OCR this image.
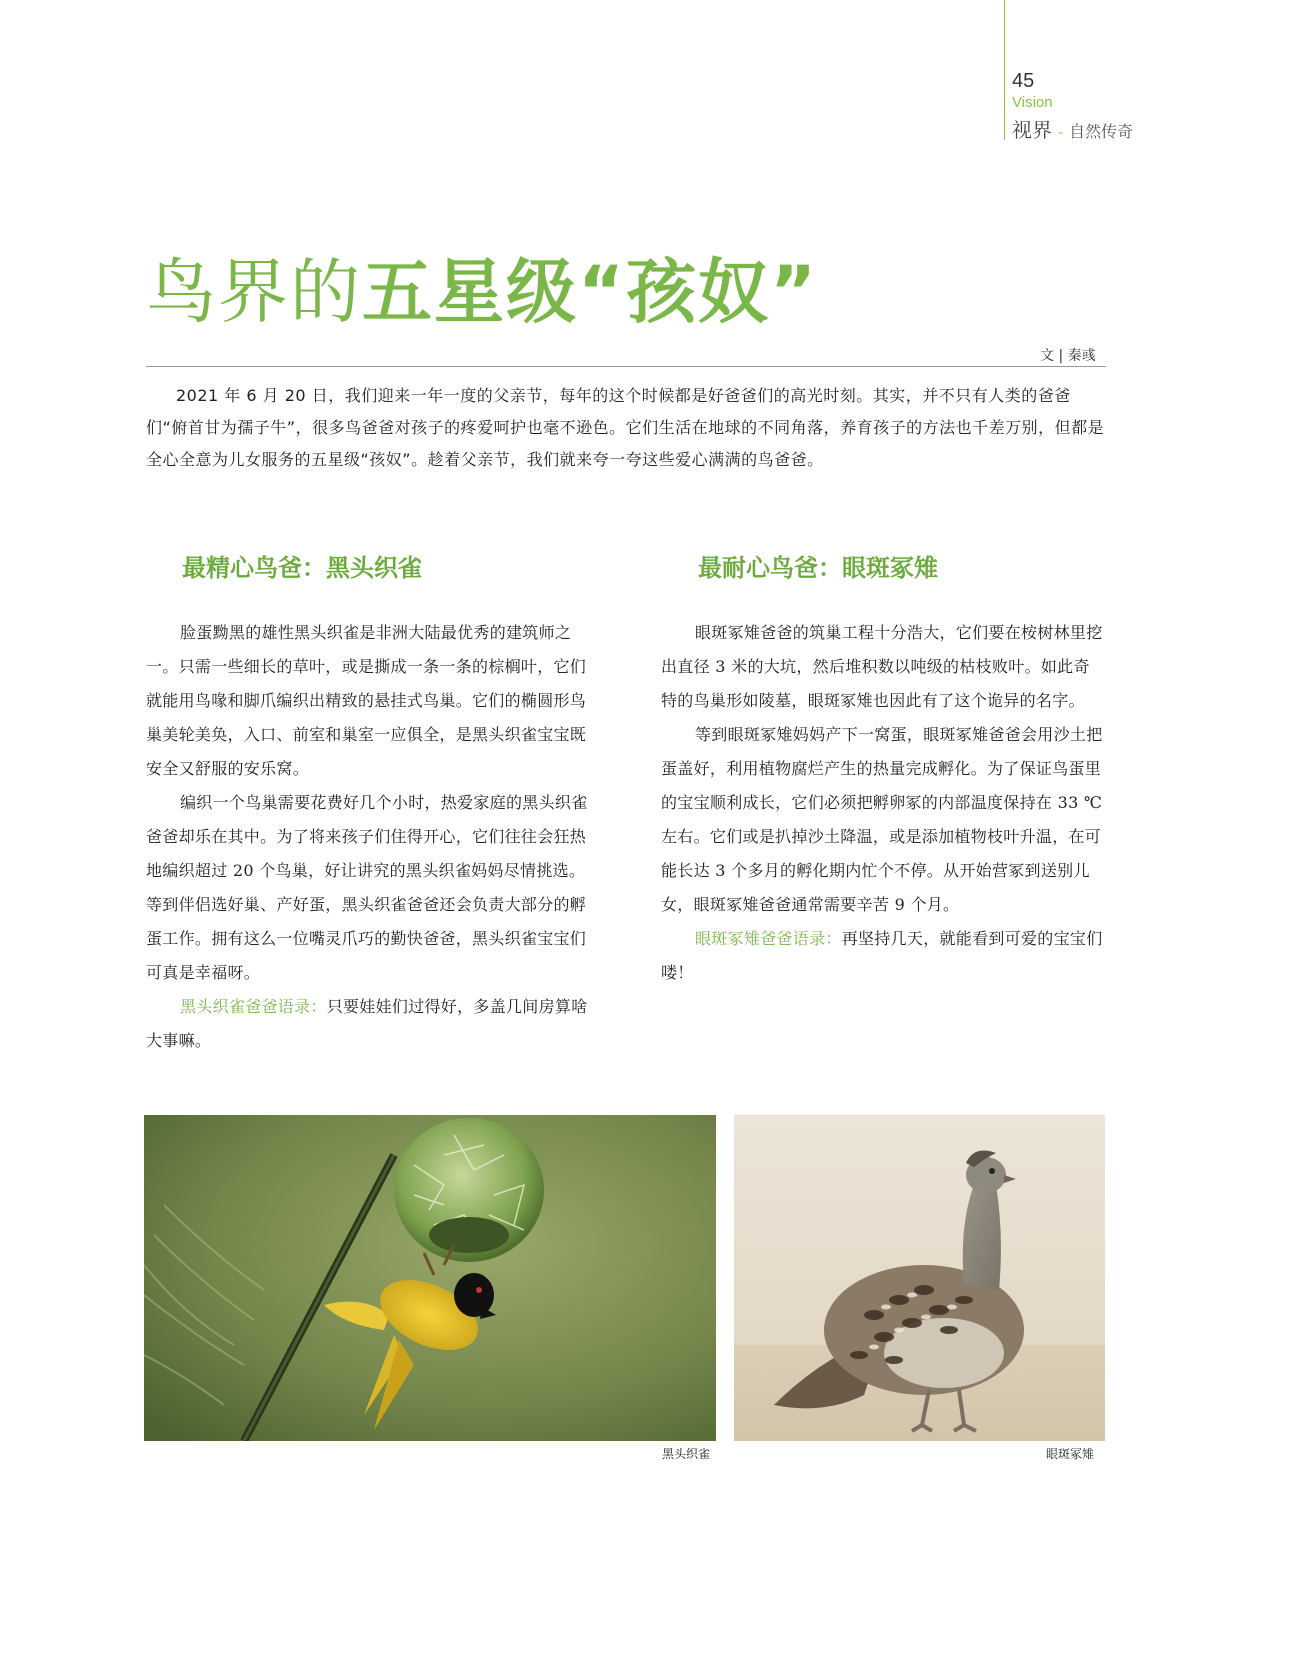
45
Vision
视界 - 自然传奇
鸟界的五星级“孩奴”
文 | 秦彧

2021 年 6 月 20 日，我们迎来一年一度的父亲节，每年的这个时候都是好爸爸们的高光时刻。其实，并不只有人类的爸爸们“俯首甘为孺子牛”，很多鸟爸爸对孩子的疼爱呵护也毫不逊色。它们生活在地球的不同角落，养育孩子的方法也千差万别，但都是全心全意为儿女服务的五星级“孩奴”。趁着父亲节，我们就来夸一夸这些爱心满满的鸟爸爸。

最精心鸟爸：黑头织雀

脸蛋黝黑的雄性黑头织雀是非洲大陆最优秀的建筑师之一。只需一些细长的草叶，或是撕成一条一条的棕榈叶，它们就能用鸟喙和脚爪编织出精致的悬挂式鸟巢。它们的椭圆形鸟巢美轮美奂，入口、前室和巢室一应俱全，是黑头织雀宝宝既安全又舒服的安乐窝。

编织一个鸟巢需要花费好几个小时，热爱家庭的黑头织雀爸爸却乐在其中。为了将来孩子们住得开心，它们往往会狂热地编织超过 20 个鸟巢，好让讲究的黑头织雀妈妈尽情挑选。等到伴侣选好巢、产好蛋，黑头织雀爸爸还会负责大部分的孵蛋工作。拥有这么一位嘴灵爪巧的勤快爸爸，黑头织雀宝宝们可真是幸福呀。

黑头织雀爸爸语录：只要娃娃们过得好，多盖几间房算啥大事嘛。

最耐心鸟爸：眼斑冢雉

眼斑冢雉爸爸的筑巢工程十分浩大，它们要在桉树林里挖出直径 3 米的大坑，然后堆积数以吨级的枯枝败叶。如此奇特的鸟巢形如陵墓，眼斑冢雉也因此有了这个诡异的名字。

等到眼斑冢雉妈妈产下一窝蛋，眼斑冢雉爸爸会用沙土把蛋盖好，利用植物腐烂产生的热量完成孵化。为了保证鸟蛋里的宝宝顺利成长，它们必须把孵卵冢的内部温度保持在 33 ℃左右。它们或是扒掉沙土降温，或是添加植物枝叶升温，在可能长达 3 个多月的孵化期内忙个不停。从开始营冢到送别儿女，眼斑冢雉爸爸通常需要辛苦 9 个月。

眼斑冢雉爸爸语录：再坚持几天，就能看到可爱的宝宝们喽！

黑头织雀	眼斑冢雉
